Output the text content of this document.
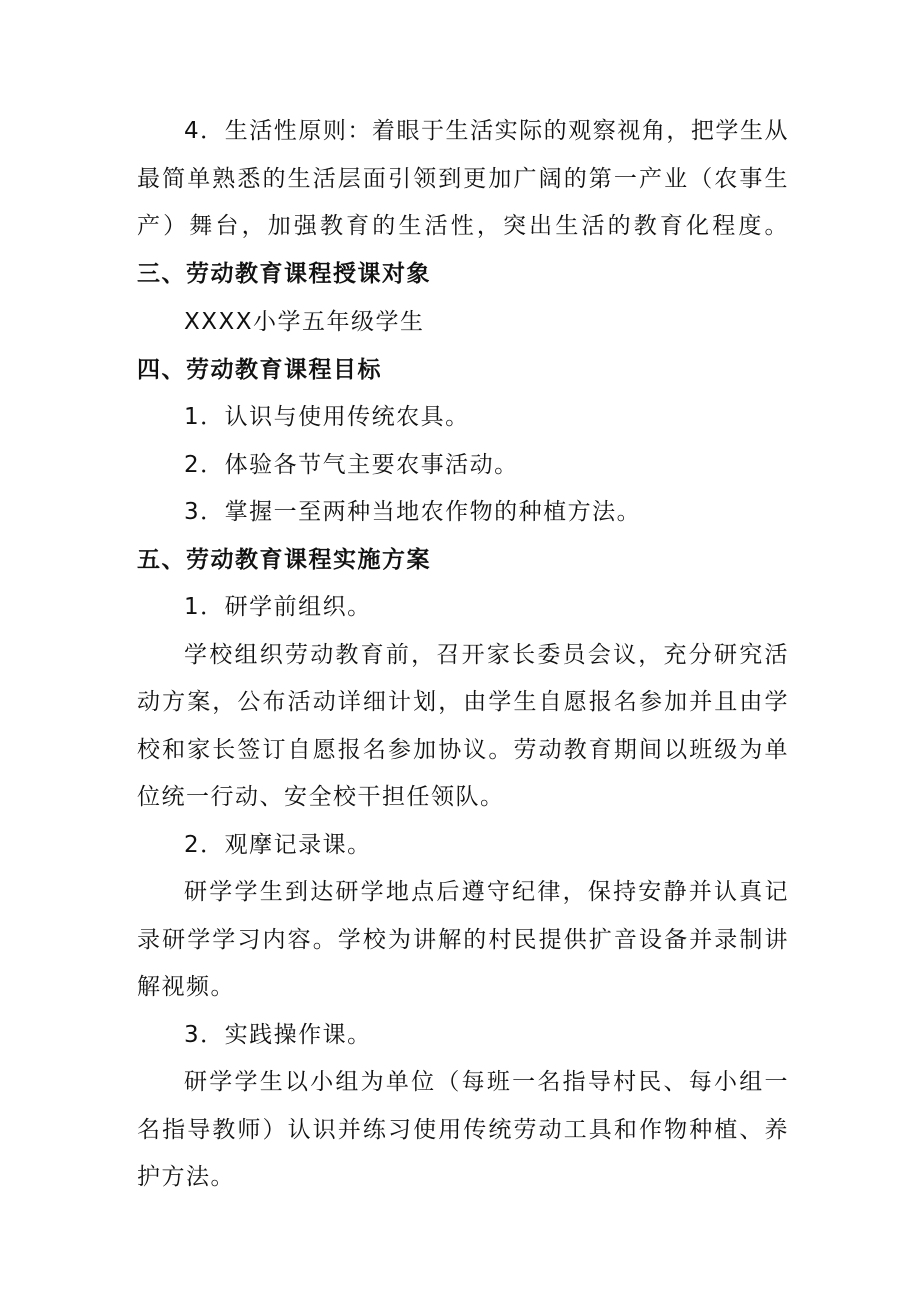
4．生活性原则：着眼于生活实际的观察视角，把学生从最简单熟悉的生活层面引领到更加广阔的第一产业（农事生产）舞台，加强教育的生活性，突出生活的教育化程度。三、劳动教育课程授课对象

XXXX小学五年级学生

四、劳动教育课程目标

1．认识与使用传统农具。

2．体验各节气主要农事活动。

3．掌握一至两种当地农作物的种植方法。

五、劳动教育课程实施方案

1．研学前组织。

学校组织劳动教育前，召开家长委员会议，充分研究活动方案，公布活动详细计划，由学生自愿报名参加并且由学校和家长签订自愿报名参加协议。劳动教育期间以班级为单位统一行动、安全校干担任领队。

2．观摩记录课。

研学学生到达研学地点后遵守纪律，保持安静并认真记录研学学习内容。学校为讲解的村民提供扩音设备并录制讲解视频。

3．实践操作课。

研学学生以小组为单位（每班一名指导村民、每小组一名指导教师）认识并练习使用传统劳动工具和作物种植、养护方法。
